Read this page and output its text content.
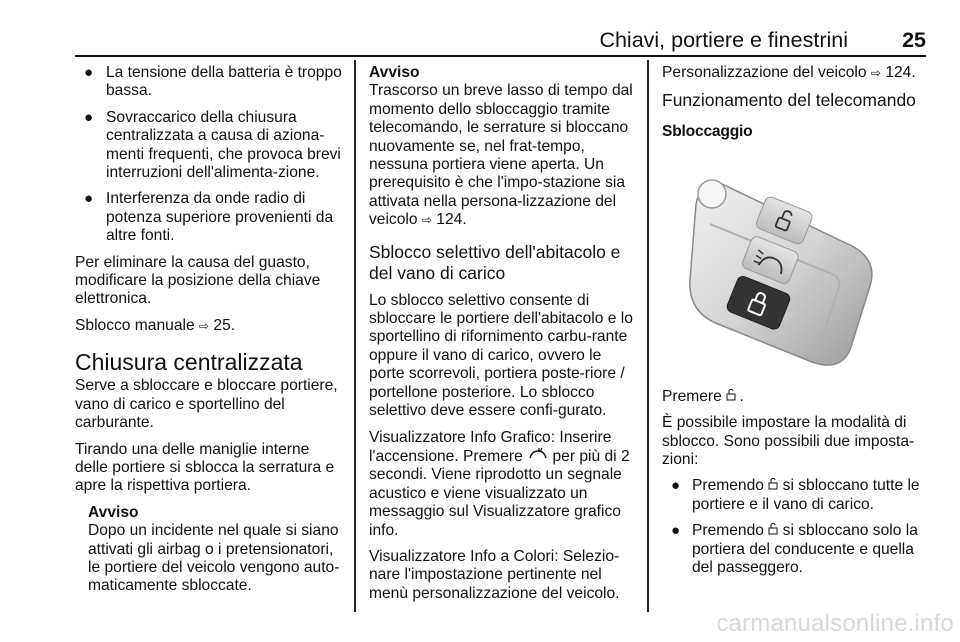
Chiavi, portiere e finestrini	25
● La tensione della batteria è troppo bassa.
● Sovraccarico della chiusura centralizzata a causa di aziona-menti frequenti, che provoca brevi interruzioni dell'alimenta-zione.
● Interferenza da onde radio di potenza superiore provenienti da altre fonti.

Per eliminare la causa del guasto, modificare la posizione della chiave elettronica.

Sblocco manuale ⇨ 25.

Chiusura centralizzata

Serve a sbloccare e bloccare portiere, vano di carico e sportellino del carburante.

Tirando una delle maniglie interne delle portiere si sblocca la serratura e apre la rispettiva portiera.

Avviso
Dopo un incidente nel quale si siano attivati gli airbag o i pretensionatori, le portiere del veicolo vengono auto-maticamente sbloccate.
Avviso
Trascorso un breve lasso di tempo dal momento dello sbloccaggio tramite telecomando, le serrature si bloccano nuovamente se, nel frat-tempo, nessuna portiera viene aperta. Un prerequisito è che l'impo-stazione sia attivata nella persona-lizzazione del veicolo ⇨ 124.
Sblocco selettivo dell'abitacolo e del vano di carico

Lo sblocco selettivo consente di sbloccare le portiere dell'abitacolo e lo sportellino di rifornimento carbu-rante oppure il vano di carico, ovvero le porte scorrevoli, portiera poste-riore / portellone posteriore. Lo sblocco selettivo deve essere confi-gurato.

Visualizzatore Info Grafico: Inserire l'accensione. Premere per più di 2 secondi. Viene riprodotto un segnale acustico e viene visualizzato un messaggio sul Visualizzatore grafico info.

Visualizzatore Info a Colori: Selezio-nare l'impostazione pertinente nel menù personalizzazione del veicolo.

Personalizzazione del veicolo ⇨ 124.

Funzionamento del telecomando
Sbloccaggio

Premere .

È possibile impostare la modalità di sblocco. Sono possibili due imposta-zioni:

● Premendo si sbloccano tutte le portiere e il vano di carico.
● Premendo si sbloccano solo la portiera del conducente e quella del passeggero.
carmanualsonline.info
